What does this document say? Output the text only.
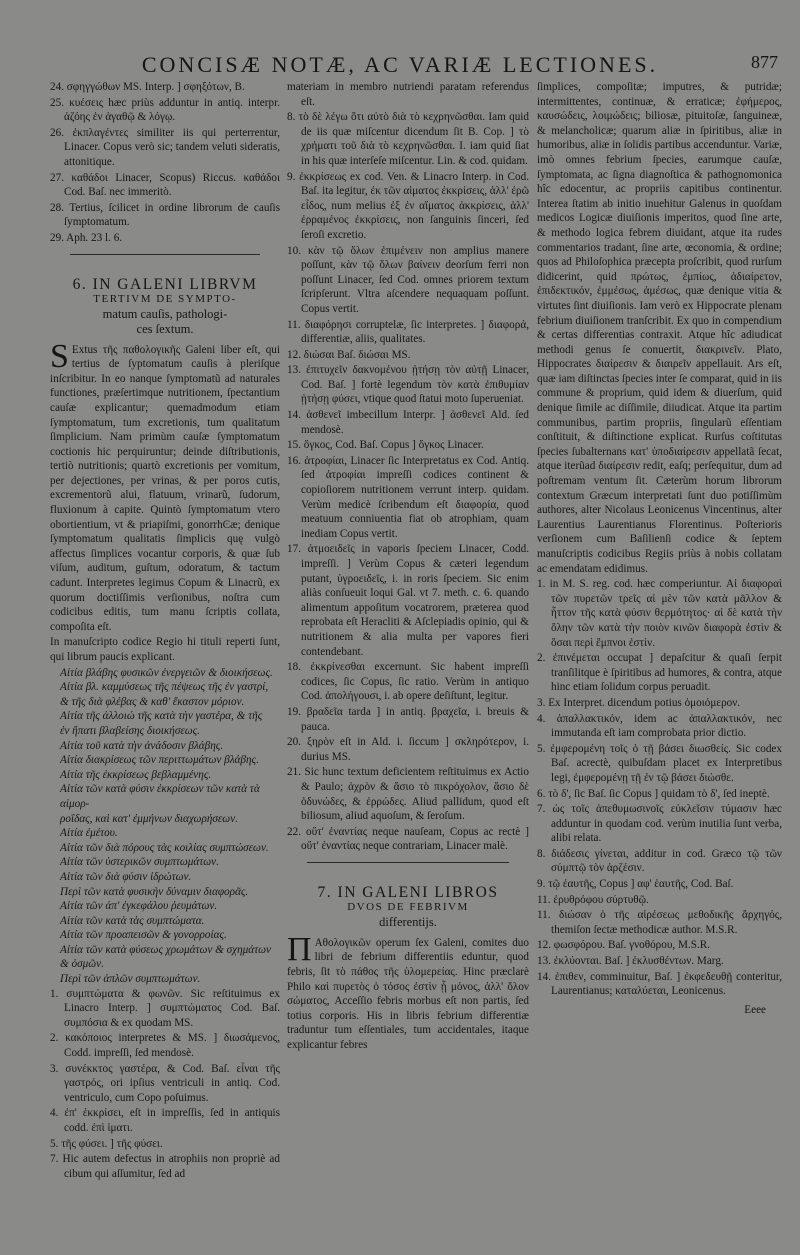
CONCISÆ NOTÆ, AC VARIÆ LECTIONES.	877

24. σφηγγώθων MS. Interp. ] σφηξότων, B.

25. κυέσεις hæc priùs adduntur in antiq. interpr. ἀζόης ἐν ἀγαθῷ & λόγῳ.

26. ἐκπλαγέντες similiter iis qui perterrentur, Linacer. Copus verò sic; tandem veluti sideratis, attonitique.

27. καθάδοι Linacer, Scopus) Riccus. καθάδοι Cod. Baſ. nec immeritò.

28. Tertius, ſcilicet in ordine librorum de cauſis ſymptomatum.

29. Aph. 23 l. 6.

6. IN GALENI LIBRVM
TERTIVM DE SYMPTO-
matum cauſis, pathologi-
ces ſextum.

S Extus τῆς παθολογικῆς Galeni liber eſt, qui tertius de ſyptomatum cauſis à pleriſque inſcribitur. In eo nanque ſymptomatũ ad naturales functiones, præſertimque nutritionem, ſpectantium cauſæ explicantur; quemadmodum etiam ſymptomatum, tum excretionis, tum qualitatum ſimplicium. Nam primùm cauſæ ſymptomatum coctionis hic perquiruntur; deinde diſtributionis, tertiò nutritionis; quartò excretionis per vomitum, per dejectiones, per vrinas, & per poros cutis, excrementorũ alui, flatuum, vrinarũ, ſudorum, fluxionum à capite. Quintò ſymptomatum vtero obortientium, vt & priapiſmi, gonorrhϾæ; denique ſymptomatum qualitatis ſimplicis quę vulgò affectus ſimplices vocantur corporis, & quæ ſub viſum, auditum, guſtum, odoratum, & tactum cadunt. Interpretes legimus Copum & Linacrũ, ex quorum doctiſſimis verſionibus, noſtra cum codicibus editis, tum manu ſcriptis collata, compoſita eſt.

In manuſcripto codice Regio hi tituli reperti ſunt, qui librum paucis explicant.

Αἰτία βλάβης φυσικῶν ἐνεργειῶν & διοικήσεως.
Αἰτία βλ. καμμύσεως τῆς πέψεως τῆς ἐν γαστρί,
& τῆς διὰ φλέβας & καθ' ἕκαστον μόριον.
Αἰτία τῆς ἀλλοιώ τῆς κατὰ τὴν γαστέρα, & τῆς
ἐν ἥπατι βλαβείσης διοικήσεως.
Αἰτία τοῦ κατὰ τὴν ἀνάδοσιν βλάβης.
Αἰτία διακρίσεως τῶν περιττωμάτων βλάβης.
Αἰτία τῆς ἐκκρίσεως βεβλαμμένης.
Αἰτία τῶν κατὰ φύσιν ἐκκρίσεων τῶν κατὰ τὰ αἱμορ-
ροΐδας, καὶ κατ' ἐμμήνων διαχωρήσεων.
Αἰτία ἐμέτου.
Αἰτία τῶν διὰ πόρους τὰς κοιλίας συμπτώσεων.
Αἰτία τῶν ὑστερικῶν συμπτωμάτων.
Αἰτία τῶν διὰ φύσιν ἱδρώτων.
Περὶ τῶν κατὰ φυσικὴν δύναμιν διαφορᾶς.
Αἰτία τῶν ἀπ' ἐγκεφάλου ῥευμάτων.
Αἰτία τῶν κατὰ τὰς συμπτώματα.
Αἰτία τῶν προαπεισῶν & γονορροίας.
Αἰτία τῶν κατὰ φύσεως χρωμάτων & σχημάτων
& ὀσμῶν.
Περὶ τῶν ἁπλῶν συμπτωμάτων.

1. συμπτώματα & φωνῶν. Sic reſtituimus ex Linacro Interp. ] συμπτώματος Cod. Baſ. συμπόσια & ex quodam MS.

2. κακόποιος interpretes & MS. ] διωσάμενος, Codd. impreſſi, ſed mendosè.

3. συνέκκτος γαστέρα, & Cod. Baſ. εἶναι τῆς γαστρός, ori ipſius ventriculi in antiq. Cod. ventriculo, cum Copo poſuimus.

4. ἐπ' ἐκκρίσει, eſt in impreſſis, ſed in antiquis codd. ἐπὶ ἱματι.

5. τῆς φύσει. ] τῆς φύσει.

7. Hic autem defectus in atrophiis non propriè ad cibum qui aſſumitur, ſed ad

materiam in membro nutriendi paratam referendus eſt.

8. τὸ δὲ λέγω ὅτι αὐτὸ διὰ τὸ κεχρηνῶσθαι. Iam quid de iis quæ miſcentur dicendum ſit B. Cop. ] τὸ χρήματι τοῦ διὰ τὸ κεχρηνῶσθαι. I. iam quid ſiat in his quæ interſeſe miſcentur. Lin. & cod. quidam.

9. ἐκκρίσεως ex cod. Ven. & Linacro Interp. in Cod. Baſ. ita legitur, ἐκ τῶν αἱματος ἐκκρίσεις, ἀλλ' ἐρῶ εἶδος, num melius ἐξ ἐν αἵματος ἀκκρίσεις, ἀλλ' ἐρραμένος ἐκκρίσεις, non ſanguinis ſinceri, ſed ſeroſi excretio.

10. κὰν τῷ ὅλων ἐπιμένειν non amplius manere poſſunt, κὰν τῷ ὅλων βαίνειν deorſum ferri non poſſunt Linacer, ſed Cod. omnes priorem textum ſcripſerunt. Vltra aſcendere nequaquam poſſunt. Copus vertit.

11. διαφόρησι corruptelæ, ſic interpretes. ] διαφορά, differentiæ, aliis, qualitates.

12. διώσαι Baſ. διώσαι MS.

13. ἐπιτυχεῖν δακνομένου ᾐτήσῃ τὸν αὐτῇ Linacer, Cod. Baſ. ] fortè legendum τὸν κατὰ ἐπιθυμίαν ᾐτήσῃ φύσει, vtique quod ſtatui moto ſuperueniat.

14. ἀσθενεῖ imbecillum Interpr. ] ἀσθενεῖ Ald. ſed mendosè.

15. ὄγκος, Cod. Baſ. Copus ] ὄγκος Linacer.

16. ἀτροφίαι, Linacer ſic Interpretatus ex Cod. Antiq. ſed ἀτροφίαι impreſſi codices continent & copioſiorem nutritionem verrunt interp. quidam. Verùm medicè ſcribendum eſt διαφορία, quod meatuum conniuentia fiat ob atrophiam, quam inediam Copus vertit.

17. ἀτμοειδεῖς in vaporis ſpeciem Linacer, Codd. impreſſi. ] Verùm Copus & cæteri legendum putant, ὑγροειδεῖς, i. in roris ſpeciem. Sic enim aliàs conſueuit loqui Gal. vt 7. meth. c. 6. quando alimentum appoſitum vocatrorem, præterea quod reprobata eſt Heracliti & Aſclepiadis opinio, qui & nutritionem & alia multa per vapores fieri contendebant.

18. ἐκκρίνεσθαι excernunt. Sic habent impreſſi codices, ſic Copus, ſic ratio. Verùm in antiquo Cod. ἀπολήγουσι, i. ab opere deſiſtunt, legitur.

19. βραδεῖα tarda ] in antiq. βραχεῖα, i. breuis & pauca.

20. ξηρὸν eſt in Ald. i. ſiccum ] σκληρότερον, i. durius MS.

21. Sic hunc textum deficientem reſtituimus ex Actio & Paulo; ἀχρὸν & ἄσιο τὸ πικρόχολον, ἄσιο δὲ ὀδυνώδες, & ἐρρώδες. Aliud pallidum, quod eſt biliosum, aliud aquoſum, & ſeroſum.

22. οὔτ' ἐναντίας neque nauſeam, Copus ac rectè ] οὔτ' ἐναντίας neque contrariam, Linacer malè.

7. IN GALENI LIBROS
DVOS DE FEBRIVM
differentijs.

Π Αθολογικῶν operum ſex Galeni, comites duo libri de febrium differentiis eduntur, quod febris, ſit τὸ πάθος τῆς ὑλομερείας. Hinc præclarè Philo καὶ πυρετὸς ὁ τόσος ἐστὶν ᾗ μόνος, ἀλλ' ὅλον σώματος, Acceſſio febris morbus eſt non partis, ſed totius corporis. His in libris febrium differentiæ traduntur tum eſſentiales, tum accidentales, itaque explicantur febres

ſimplices, compoſitæ; imputres, & putridæ; intermittentes, continuæ, & erraticæ; ἐφήμερος, καυσώδεις, λοιμώδεις; biliosæ, pituitoſæ, ſanguineæ, & melancholicæ; quarum aliæ in ſpiritibus, aliæ in humoribus, aliæ in ſolidis partibus accenduntur. Variæ, imò omnes febrium ſpecies, earumque cauſæ, ſymptomata, ac ſigna diagnoſtica & pathognomonica hîc edocentur, ac propriis capitibus continentur. Interea ſtatim ab initio inuehitur Galenus in quoſdam medicos Logicæ diuiſionis imperitos, quod ſine arte, & methodo logica febrem diuidant, atque ita rudes commentarios tradant, ſine arte, œconomia, & ordine; quos ad Philoſophica præcepta proſcribit, quod rurſum didicerint, quid πρώτως, ἐμπίως, ἀδιαίρετον, ἐπιδεκτικόν, ἐμμέσως, ἀμέσως, quæ denique vitia & virtutes ſint diuiſionis. Iam verò ex Hippocrate plenam febrium diuiſionem tranſcribit. Ex quo in compendium & certas differentias contraxit. Atque hîc adiudicat methodi genus ſe conuertit, διακρινεῖν. Plato, Hippocrates διαίρεσιν & διαιρεῖν appellauit. Ars eſt, quæ iam diſtinctas ſpecies inter ſe comparat, quid in iis commune & proprium, quid idem & diuerſum, quid denique ſimile ac diſſimile, diiudicat. Atque ita partim communibus, partim propriis, ſingularũ eſſentiam conſtituit, & diſtinctione explicat. Rurſus coſtitutas ſpecies ſubalternans κατ' ὑποδιαίρεσιν appellatã ſecat, atque iterũad διαίρεσιν redit, eaſq; perſequitur, dum ad poſtremam ventum ſit. Cæterùm horum librorum contextum Græcum interpretati ſunt duo potiſſimùm authores, alter Nicolaus Leonicenus Vincentinus, alter Laurentius Laurentianus Florentinus. Poſterioris verſionem cum Baſilienſi codice & ſeptem manuſcriptis codicibus Regiis priùs à nobis collatam ac emendatam edidimus.

1. in M. S. reg. cod. hæc comperiuntur. Αἱ διαφοραὶ τῶν πυρετῶν τρεῖς αἱ μὲν τῶν κατὰ μᾶλλον & ἧττον τῆς κατὰ φύσιν θερμότητος· αἱ δὲ κατὰ τὴν ὅλην τῶν κατὰ τὴν ποιὸν κινῶν διαφορὰ ἐστὶν & ὅσαι περὶ ἔμπνοι ἐστίν.

2. ἐπινέμεται occupat ] depaſcitur & quaſi ſerpit tranſilitque è ſpiritibus ad humores, & contra, atque hinc etiam ſolidum corpus peruadit.

3. Ex Interpret. dicendum potius ὁμοιόμερον.

4. ἀπαλλακτικόν, idem ac ἀπαλλακτικόν, nec immutanda eſt iam comprobata prior dictio.

5. ἐμφερομένη τοῖς ὁ τῇ βάσει διωσθείς. Sic codex Baſ. acrectè, quibuſdam placet ex Interpretibus legi, ἐμφερομένῃ τῇ ἐν τῷ βάσει διώσθε.

6. τὸ δ', ſic Baſ. ſic Copus ] quidam τὸ δ', ſed ineptè.

7. ὡς τοῖς ἀπεθυμωσινοῖς εὐκλεῖσιν τύμασιν hæc adduntur in quodam cod. verùm inutilia ſunt verba, alibi relata.

8. διάδεσις γίνεται, additur in cod. Græco τῷ τῶν σύμπτῷ τὸν ἀρζέσιν.

9. τῷ ἐαυτῆς, Copus ] αφ' ἑαυτῆς, Cod. Baſ.

11. ἐρυθρόφου σύρτυθῷ.

11. διώσαν ὁ τῆς αἱρέσεως μεθοδικῆς ἄρχηγός, themiſon ſectæ methodicæ author. M.S.R.

12. φωσφόρου. Baſ. γνοθόρου, M.S.R.

13. ἐκλύονται. Baſ. ] ἐκλυσθέντων. Marg.

14. ἐπιθεν, comminuitur, Baſ. ] ἐκφεδευθῇ conteritur, Laurentianus; καταλύεται, Leonicenus.

Eeee
